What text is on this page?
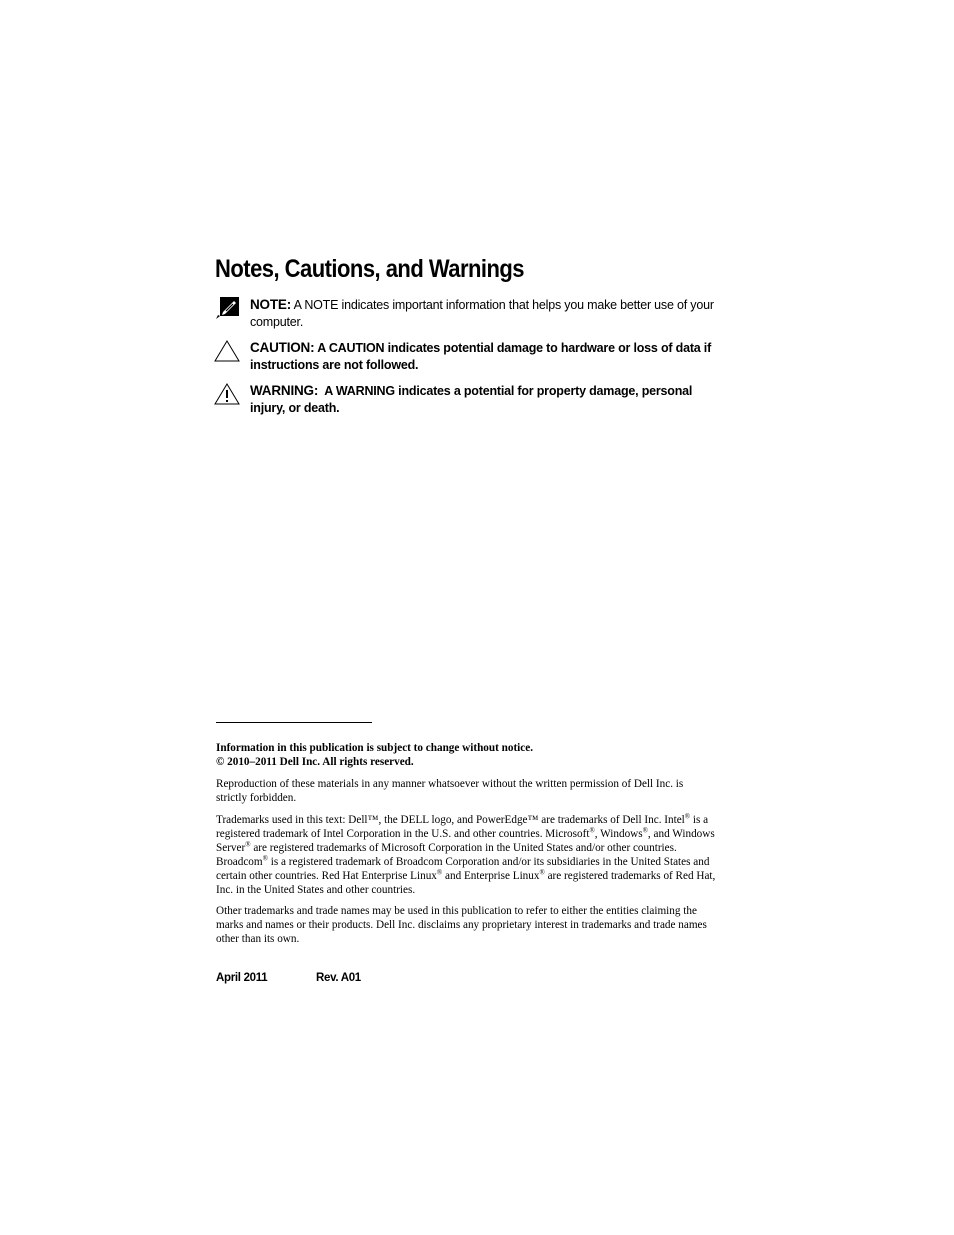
Notes, Cautions, and Warnings
NOTE: A NOTE indicates important information that helps you make better use of your computer.
CAUTION: A CAUTION indicates potential damage to hardware or loss of data if instructions are not followed.
WARNING: A WARNING indicates a potential for property damage, personal injury, or death.

Information in this publication is subject to change without notice.

© 2010–2011 Dell Inc. All rights reserved.

Reproduction of these materials in any manner whatsoever without the written permission of Dell Inc. is strictly forbidden.

Trademarks used in this text: Dell™, the DELL logo, and PowerEdge™ are trademarks of Dell Inc. Intel® is a registered trademark of Intel Corporation in the U.S. and other countries. Microsoft®, Windows®, and Windows Server® are registered trademarks of Microsoft Corporation in the United States and/or other countries. Broadcom® is a registered trademark of Broadcom Corporation and/or its subsidiaries in the United States and certain other countries. Red Hat Enterprise Linux® and Enterprise Linux® are registered trademarks of Red Hat, Inc. in the United States and other countries.

Other trademarks and trade names may be used in this publication to refer to either the entities claiming the marks and names or their products. Dell Inc. disclaims any proprietary interest in trademarks and trade names other than its own.

April 2011	Rev. A01
